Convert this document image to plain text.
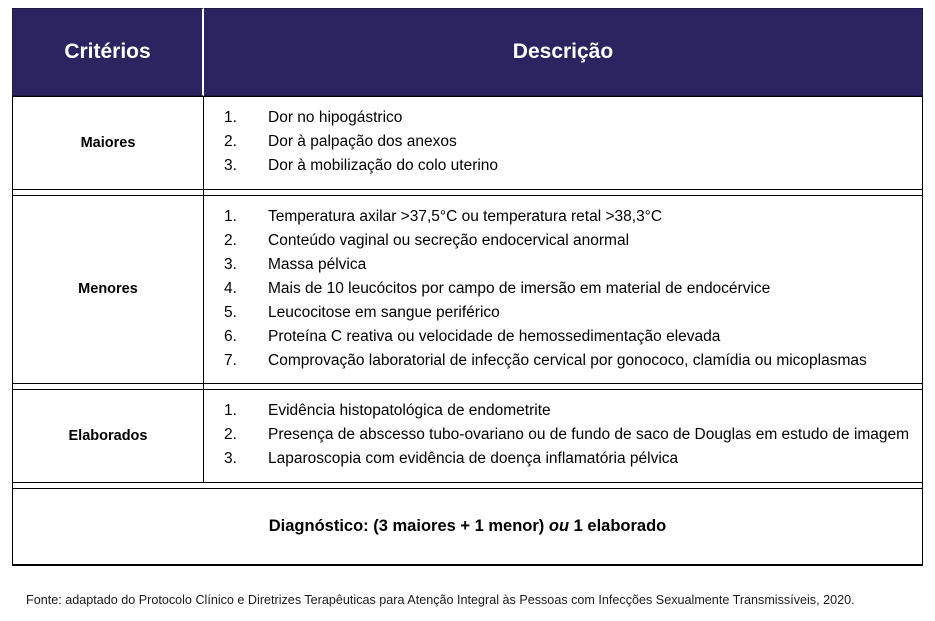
Critérios	Descrição
Maiores	
Dor no hipogástrico
Dor à palpação dos anexos
Dor à mobilização do colo uterino

Menores	
Temperatura axilar >37,5°C ou temperatura retal >38,3°C
Conteúdo vaginal ou secreção endocervical anormal
Massa pélvica
Mais de 10 leucócitos por campo de imersão em material de endocérvice
Leucocitose em sangue periférico
Proteína C reativa ou velocidade de hemossedimentação elevada
Comprovação laboratorial de infecção cervical por gonococo, clamídia ou micoplasmas

Elaborados	
Evidência histopatológica de endometrite
Presença de abscesso tubo-ovariano ou de fundo de saco de Douglas em estudo de imagem
Laparoscopia com evidência de doença inflamatória pélvica

Diagnóstico: (3 maiores + 1 menor) ou 1 elaborado	
Fonte: adaptado do Protocolo Clínico e Diretrizes Terapêuticas para Atenção Integral às Pessoas com Infecções Sexualmente Transmissíveis, 2020.
